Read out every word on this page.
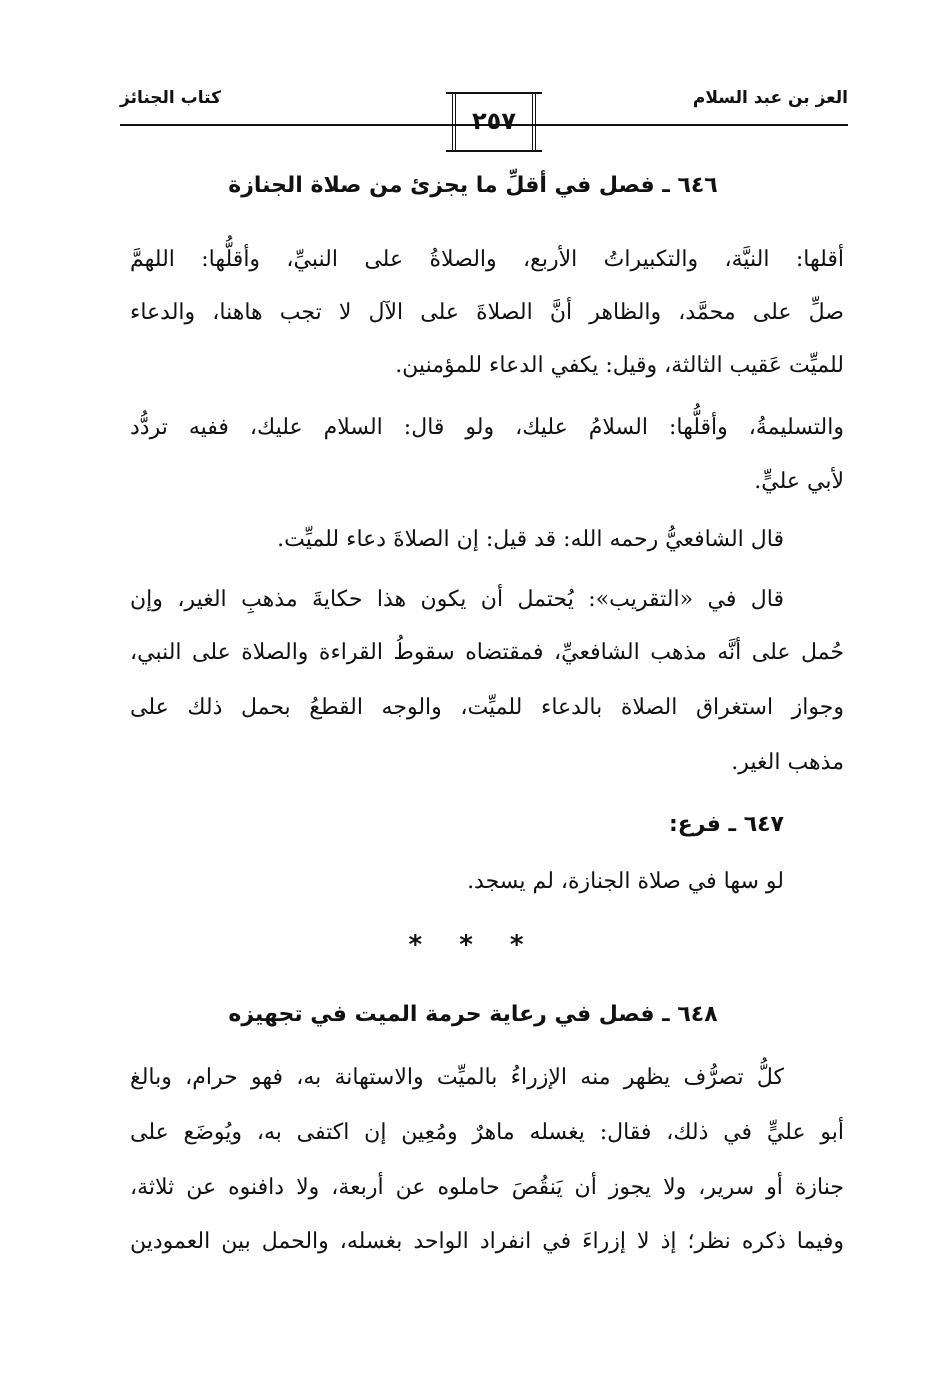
كتاب الجنائز	العز بن عبد السلام
٢٥٧
٦٤٦ ـ فصل في أقلِّ ما يجزئ من صلاة الجنازة
أقلها: النيَّة، والتكبيراتُ الأربع، والصلاةُ على النبيِّ، وأقلُّها: اللهمَّ
صلِّ على محمَّد، والظاهر أنَّ الصلاةَ على الآل لا تجب هاهنا، والدعاء
للميِّت عَقيب الثالثة، وقيل: يكفي الدعاء للمؤمنين.
والتسليمةُ، وأقلُّها: السلامُ عليك، ولو قال: السلام عليك، ففيه تردُّد
لأبي عليٍّ.
قال الشافعيُّ رحمه الله: قد قيل: إن الصلاةَ دعاء للميِّت.
قال في «التقريب»: يُحتمل أن يكون هذا حكايةَ مذهبِ الغير، وإن
حُمل على أنَّه مذهب الشافعيِّ، فمقتضاه سقوطُ القراءة والصلاة على النبي،
وجواز استغراق الصلاة بالدعاء للميِّت، والوجه القطعُ بحمل ذلك على
مذهب الغير.
٦٤٧ ـ فرع:
لو سها في صلاة الجنازة، لم يسجد.
* * *
٦٤٨ ـ فصل في رعاية حرمة الميت في تجهيزه
كلُّ تصرُّف يظهر منه الإزراءُ بالميِّت والاستهانة به، فهو حرام، وبالغ
أبو عليٍّ في ذلك، فقال: يغسله ماهرٌ ومُعِين إن اكتفى به، ويُوضَع على
جنازة أو سرير، ولا يجوز أن يَنقُصَ حاملوه عن أربعة، ولا دافنوه عن ثلاثة،
وفيما ذكره نظر؛ إذ لا إزراءَ في انفراد الواحد بغسله، والحمل بين العمودين
